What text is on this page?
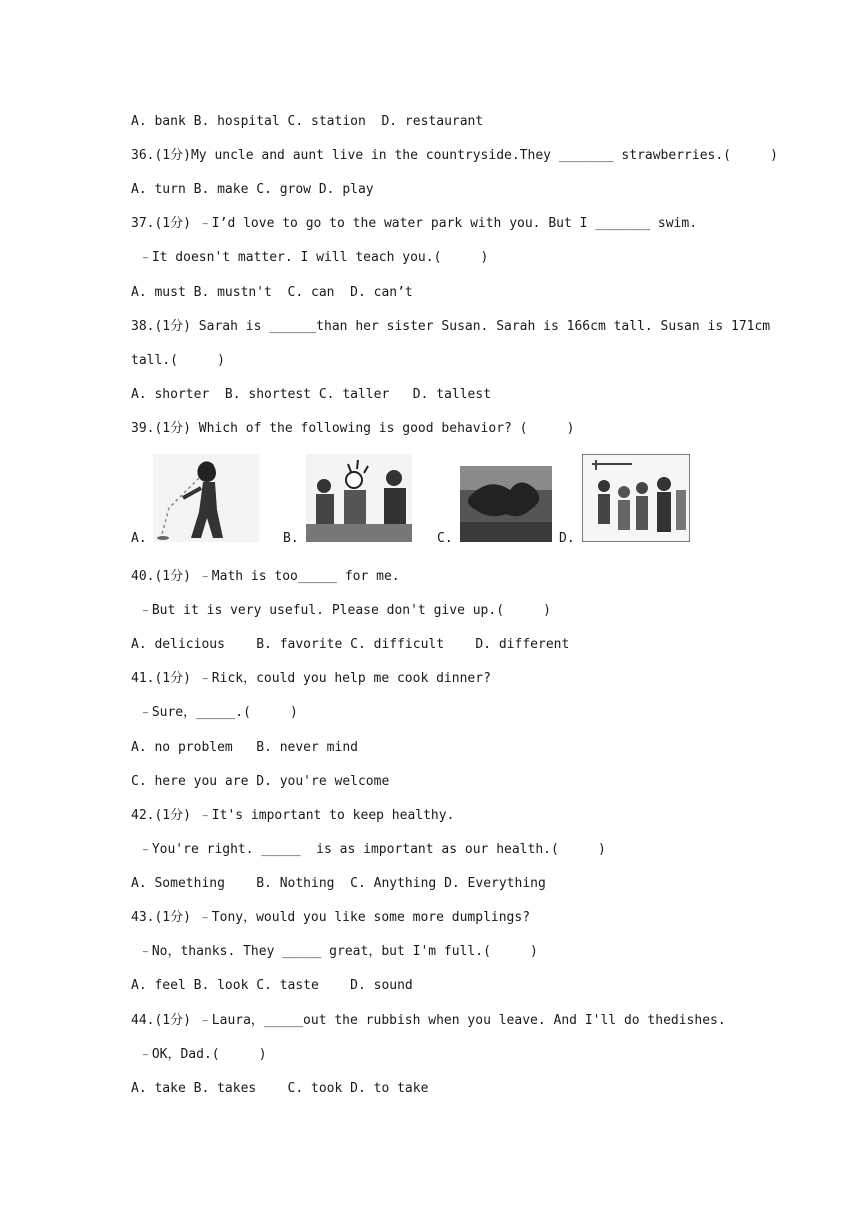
A. bank B. hospital C. station  D. restaurant
36.(1分)My uncle and aunt live in the countryside.They _______ strawberries.(     )
A. turn B. make C. grow D. play
37.(1分) ﹣I’d love to go to the water park with you. But I _______ swim.
﹣It doesn't matter. I will teach you.(     )
A. must B. mustn't  C. can  D. can’t
38.(1分) Sarah is ______than her sister Susan. Sarah is 166cm tall. Susan is 171cm
tall.(     )
A. shorter  B. shortest C. taller   D. tallest
39.(1分) Which of the following is good behavior? (     )
A.	B.	C.	D.
40.(1分) ﹣Math is too_____ for me.
﹣But it is very useful. Please don't give up.(     )
A. delicious    B. favorite C. difficult    D. different
41.(1分) ﹣Rick，could you help me cook dinner?
﹣Sure，_____.(     )
A. no problem   B. never mind
C. here you are D. you're welcome
42.(1分) ﹣It's important to keep healthy.
﹣You're right. _____  is as important as our health.(     )
A. Something    B. Nothing  C. Anything D. Everything
43.(1分) ﹣Tony，would you like some more dumplings?
﹣No，thanks. They _____ great，but I'm full.(     )
A. feel B. look C. taste    D. sound
44.(1分) ﹣Laura，_____out the rubbish when you leave. And I'll do thedishes.
﹣OK，Dad.(     )
A. take B. takes    C. took D. to take
